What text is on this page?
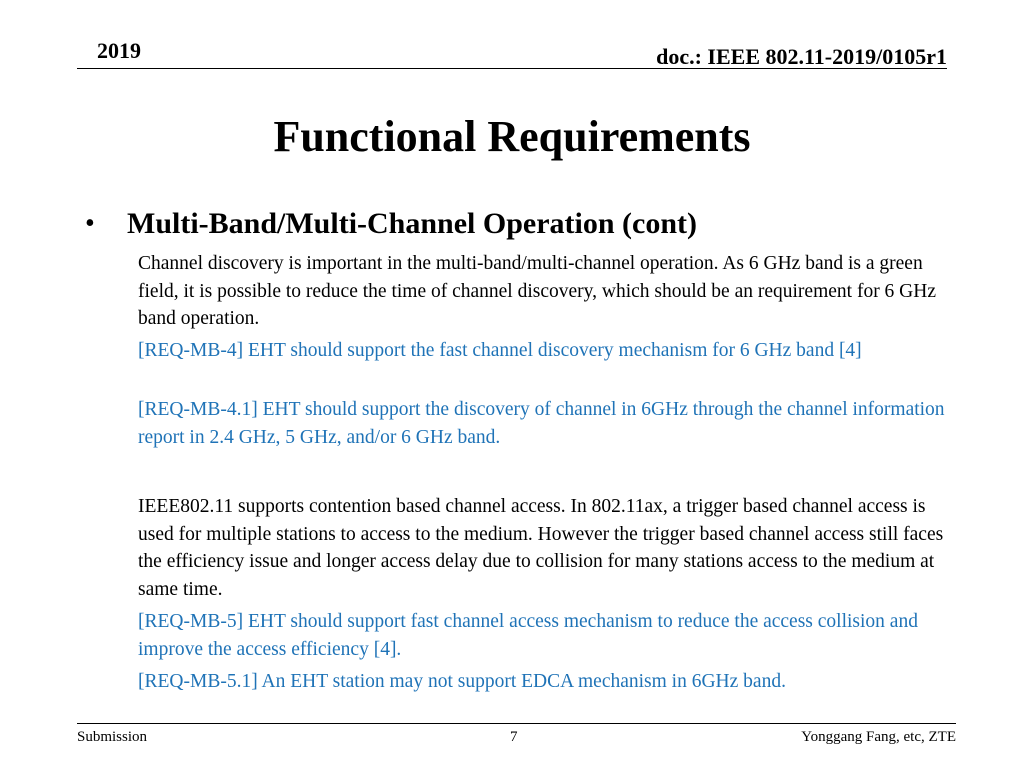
2019	doc.: IEEE 802.11-2019/0105r1
Functional Requirements
• Multi-Band/Multi-Channel Operation (cont)

Channel discovery is important in the multi-band/multi-channel operation. As 6 GHz band is a green field, it is possible to reduce the time of channel discovery, which should be an requirement for 6 GHz band operation.

[REQ-MB-4] EHT should support the fast channel discovery mechanism for 6 GHz band [4]

[REQ-MB-4.1] EHT should support the discovery of channel in 6GHz through the channel information report in 2.4 GHz, 5 GHz, and/or 6 GHz band.

IEEE802.11 supports contention based channel access. In 802.11ax, a trigger based channel access is used for multiple stations to access to the medium. However the trigger based channel access still faces the efficiency issue and longer access delay due to collision for many stations access to the medium at same time.

[REQ-MB-5] EHT should support fast channel access mechanism to reduce the access collision and improve the access efficiency [4].

[REQ-MB-5.1] An EHT station may not support EDCA mechanism in 6GHz band.

Submission	7	Yonggang Fang, etc, ZTE
